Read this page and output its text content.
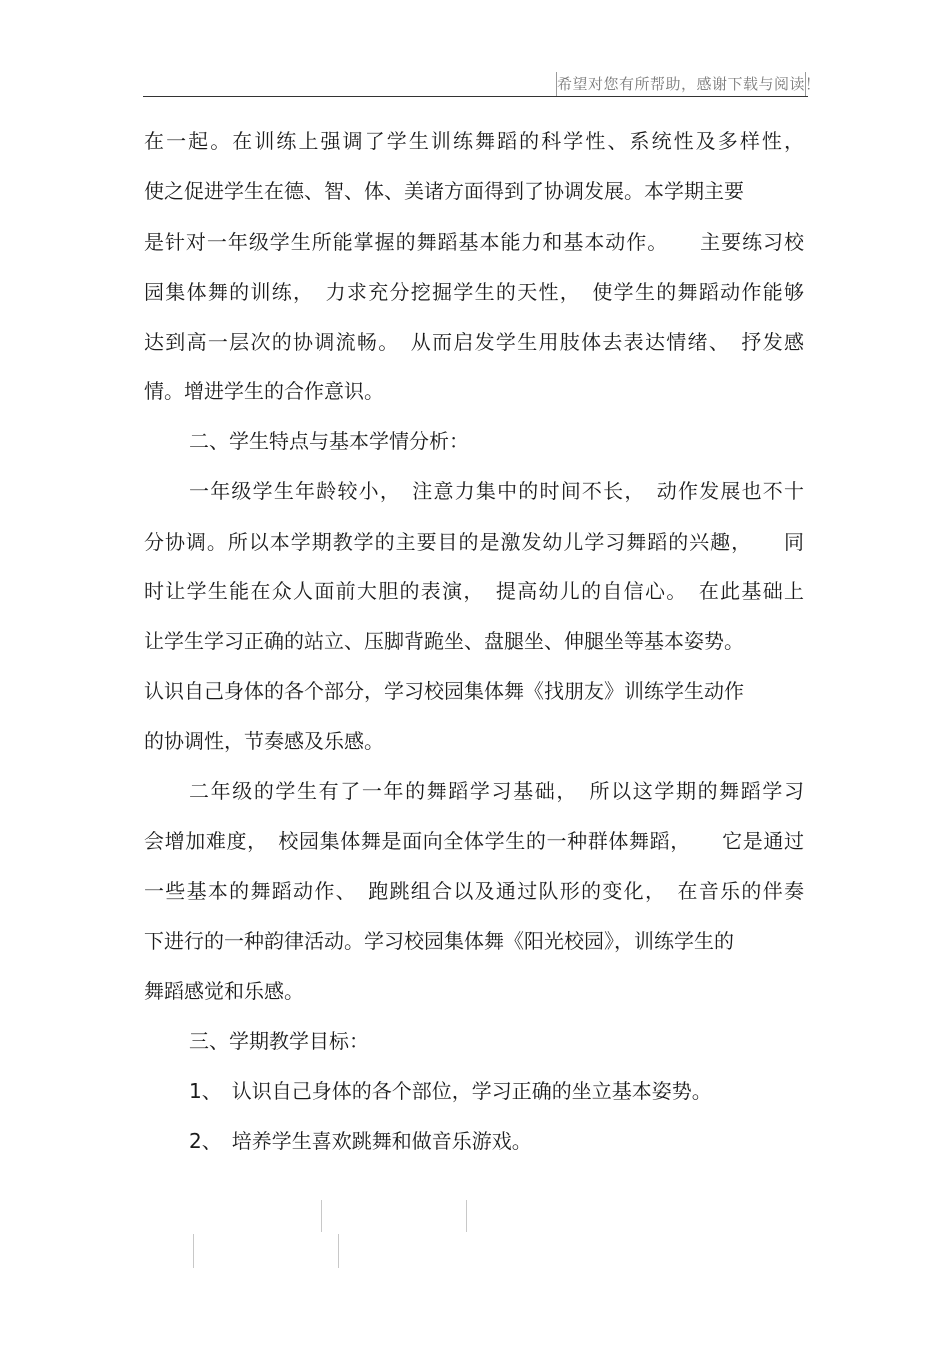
希望对您有所帮助，感谢下载与阅读！
在一起。在训练上强调了学生训练舞蹈的科学性、系统性及多样性，
使之促进学生在德、智、体、美诸方面得到了协调发展。本学期主要
是针对一年级学生所能掌握的舞蹈基本能力和基本动作。　　主要练习校
园集体舞的训练，　力求充分挖掘学生的天性，　使学生的舞蹈动作能够
达到高一层次的协调流畅。　从而启发学生用肢体去表达情绪、　抒发感
情。增进学生的合作意识。
二、学生特点与基本学情分析：
一年级学生年龄较小，　注意力集中的时间不长，　动作发展也不十
分协调。所以本学期教学的主要目的是激发幼儿学习舞蹈的兴趣，　　同
时让学生能在众人面前大胆的表演，　提高幼儿的自信心。　在此基础上
让学生学习正确的站立、压脚背跪坐、盘腿坐、伸腿坐等基本姿势。
认识自己身体的各个部分，学习校园集体舞《找朋友》训练学生动作
的协调性，节奏感及乐感。
二年级的学生有了一年的舞蹈学习基础，　所以这学期的舞蹈学习
会增加难度，　校园集体舞是面向全体学生的一种群体舞蹈，　　它是通过
一些基本的舞蹈动作、　跑跳组合以及通过队形的变化，　在音乐的伴奏
下进行的一种韵律活动。学习校园集体舞《阳光校园》，训练学生的
舞蹈感觉和乐感。
三、学期教学目标：
1、　认识自己身体的各个部位，学习正确的坐立基本姿势。
2、　培养学生喜欢跳舞和做音乐游戏。
